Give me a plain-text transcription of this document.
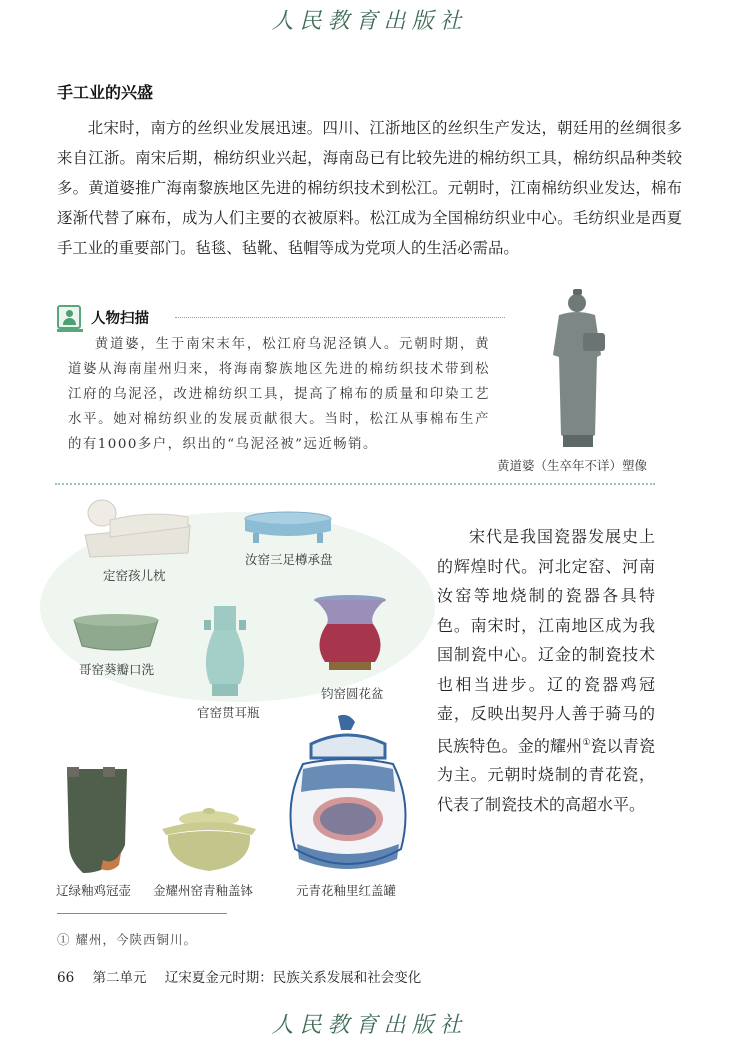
人民教育出版社
手工业的兴盛

北宋时，南方的丝织业发展迅速。四川、江浙地区的丝织生产发达，朝廷用的丝绸很多来自江浙。南宋后期，棉纺织业兴起，海南岛已有比较先进的棉纺织工具，棉纺织品种类较多。黄道婆推广海南黎族地区先进的棉纺织技术到松江。元朝时，江南棉纺织业发达，棉布逐渐代替了麻布，成为人们主要的衣被原料。松江成为全国棉纺织业中心。毛纺织业是西夏手工业的重要部门。毡毯、毡靴、毡帽等成为党项人的生活必需品。

人物扫描

黄道婆，生于南宋末年，松江府乌泥泾镇人。元朝时期，黄道婆从海南崖州归来，将海南黎族地区先进的棉纺织技术带到松江府的乌泥泾，改进棉纺织工具，提高了棉布的质量和印染工艺水平。她对棉纺织业的发展贡献很大。当时，松江从事棉布生产的有1000多户，织出的“乌泥泾被”远近畅销。

黄道婆（生卒年不详）塑像
定窑孩儿枕
汝窑三足樽承盘
哥窑葵瓣口洗
官窑贯耳瓶
钧窑圆花盆
辽绿釉鸡冠壶 金耀州窑青釉盖钵	元青花釉里红盖罐

宋代是我国瓷器发展史上的辉煌时代。河北定窑、河南汝窑等地烧制的瓷器各具特色。南宋时，江南地区成为我国制瓷中心。辽金的制瓷技术也相当进步。辽的瓷器鸡冠壶，反映出契丹人善于骑马的民族特色。金的耀州①瓷以青瓷为主。元朝时烧制的青花瓷，代表了制瓷技术的高超水平。

① 耀州，今陕西铜川。
66 第二单元 辽宋夏金元时期：民族关系发展和社会变化
人民教育出版社
